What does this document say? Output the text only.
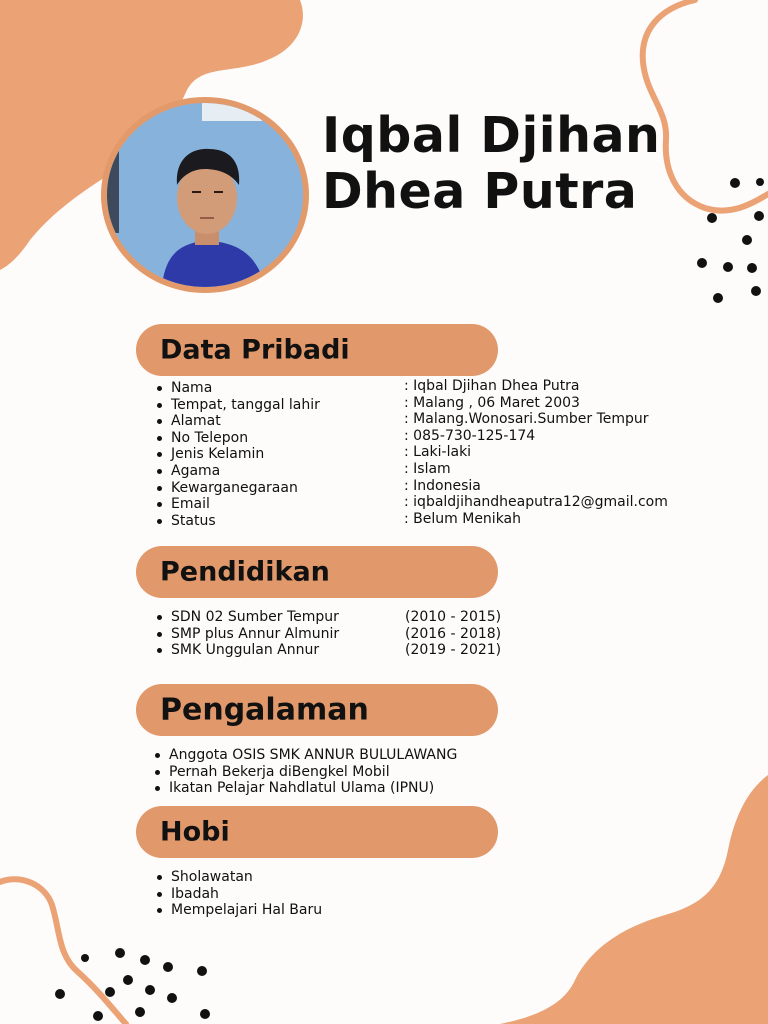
Iqbal Djihan
Dhea Putra
Data Pribadi
Nama
Tempat, tanggal lahir
Alamat
No Telepon
Jenis Kelamin
Agama
Kewarganegaraan
Email
Status
: Iqbal Djihan Dhea Putra
: Malang , 06 Maret 2003
: Malang.Wonosari.Sumber Tempur
: 085-730-125-174
: Laki-laki
: Islam
: Indonesia
: iqbaldjihandheaputra12@gmail.com
: Belum Menikah
Pendidikan
SDN 02 Sumber Tempur
SMP plus Annur Almunir
SMK Unggulan Annur
(2010 - 2015)
(2016 - 2018)
(2019 - 2021)
Pengalaman
Anggota OSIS SMK ANNUR BULULAWANG
Pernah Bekerja diBengkel Mobil
Ikatan Pelajar Nahdlatul Ulama (IPNU)
Hobi
Sholawatan
Ibadah
Mempelajari Hal Baru
